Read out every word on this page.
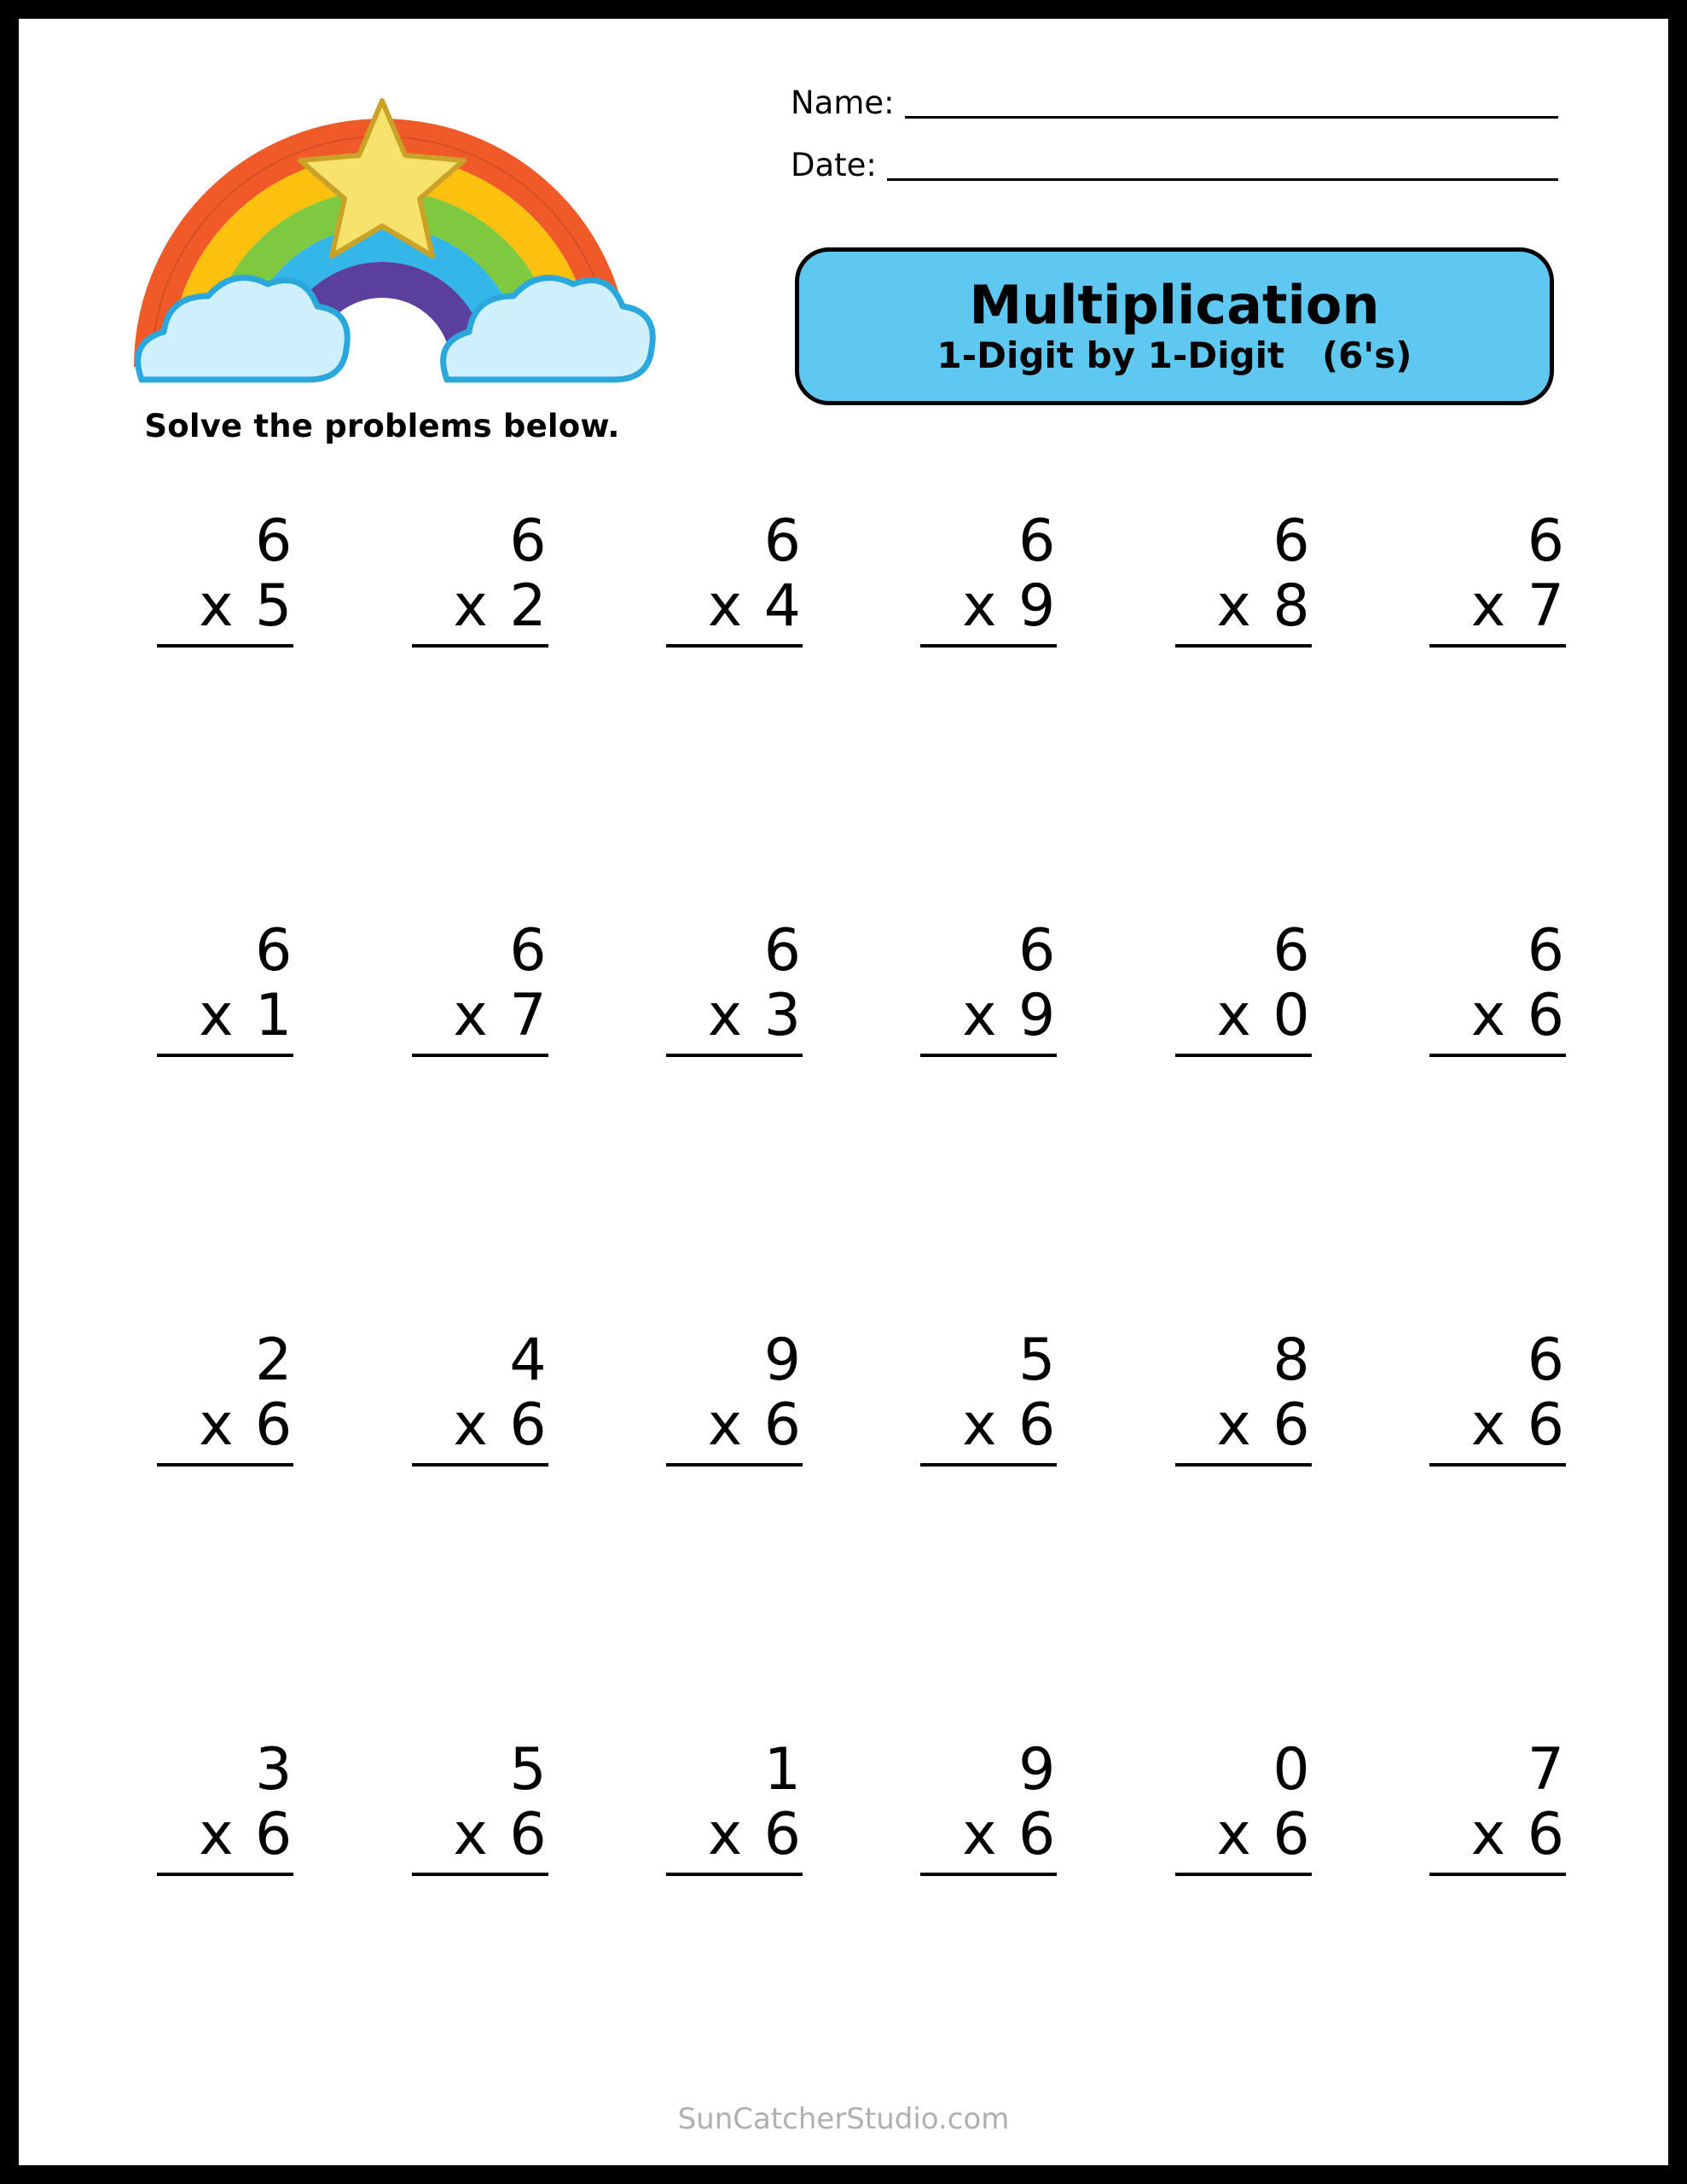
Solve the problems below.
Name:
Date:
Multiplication
1-Digit by 1-Digit   (6's)
6
x 5
6
x 2
6
x 4
6
x 9
6
x 8
6
x 7
6
x 1
6
x 7
6
x 3
6
x 9
6
x 0
6
x 6
2
x 6
4
x 6
9
x 6
5
x 6
8
x 6
6
x 6
3
x 6
5
x 6
1
x 6
9
x 6
0
x 6
7
x 6
SunCatcherStudio.com
